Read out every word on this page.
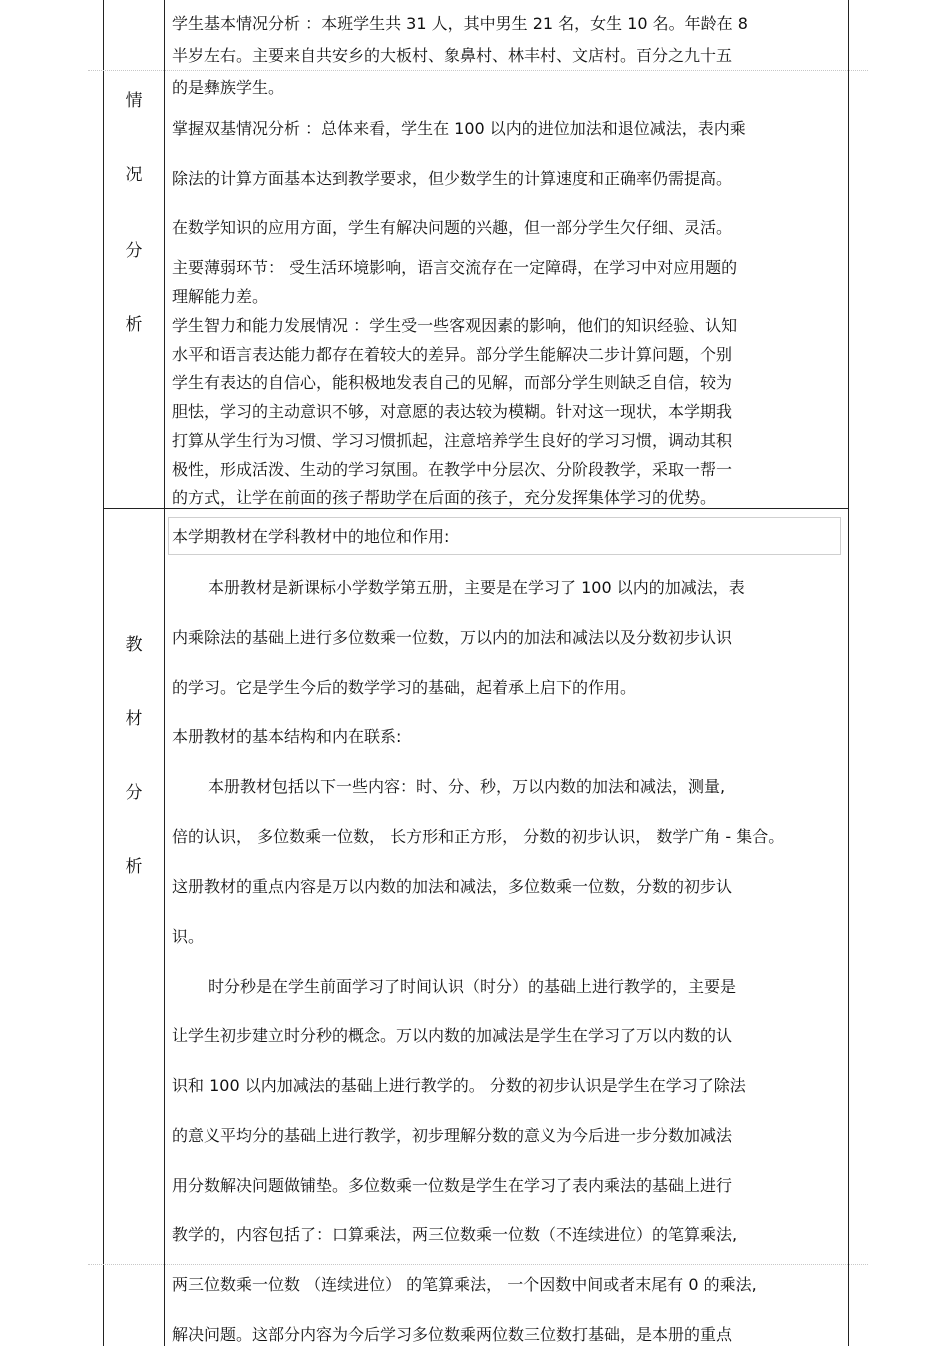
情
况
分
析
学生基本情况分析 ：本班学生共 31 人，其中男生 21 名，女生 10 名。年龄在 8
半岁左右。主要来自共安乡的大板村、象鼻村、林丰村、文店村。百分之九十五
的是彝族学生。
掌握双基情况分析 ：总体来看，学生在 100 以内的进位加法和退位减法，表内乘
除法的计算方面基本达到教学要求，但少数学生的计算速度和正确率仍需提高。
在数学知识的应用方面，学生有解决问题的兴趣，但一部分学生欠仔细、灵活。
主要薄弱环节： 受生活环境影响，语言交流存在一定障碍，在学习中对应用题的
理解能力差。
学生智力和能力发展情况 ：学生受一些客观因素的影响，他们的知识经验、认知
水平和语言表达能力都存在着较大的差异。部分学生能解决二步计算问题，个别
学生有表达的自信心，能积极地发表自己的见解，而部分学生则缺乏自信，较为
胆怯，学习的主动意识不够，对意愿的表达较为模糊。针对这一现状，本学期我
打算从学生行为习惯、学习习惯抓起，注意培养学生良好的学习习惯，调动其积
极性，形成活泼、生动的学习氛围。在教学中分层次、分阶段教学，采取一帮一
的方式，让学在前面的孩子帮助学在后面的孩子，充分发挥集体学习的优势。
教
材
分
析
本学期教材在学科教材中的地位和作用:
本册教材是新课标小学数学第五册，主要是在学习了 100 以内的加减法，表
内乘除法的基础上进行多位数乘一位数，万以内的加法和减法以及分数初步认识
的学习。它是学生今后的数学学习的基础，起着承上启下的作用。
本册教材的基本结构和内在联系:
本册教材包括以下一些内容：时、分、秒，万以内数的加法和减法，测量,
倍的认识， 多位数乘一位数， 长方形和正方形， 分数的初步认识， 数学广角 - 集合。
这册教材的重点内容是万以内数的加法和减法，多位数乘一位数，分数的初步认
识。
时分秒是在学生前面学习了时间认识（时分）的基础上进行教学的，主要是
让学生初步建立时分秒的概念。万以内数的加减法是学生在学习了万以内数的认
识和 100 以内加减法的基础上进行教学的。 分数的初步认识是学生在学习了除法
的意义平均分的基础上进行教学，初步理解分数的意义为今后进一步分数加减法
用分数解决问题做铺垫。多位数乘一位数是学生在学习了表内乘法的基础上进行
教学的，内容包括了：口算乘法，两三位数乘一位数（不连续进位）的笔算乘法,
两三位数乘一位数 （连续进位） 的笔算乘法， 一个因数中间或者末尾有 0 的乘法,
解决问题。这部分内容为今后学习多位数乘两位数三位数打基础，是本册的重点
